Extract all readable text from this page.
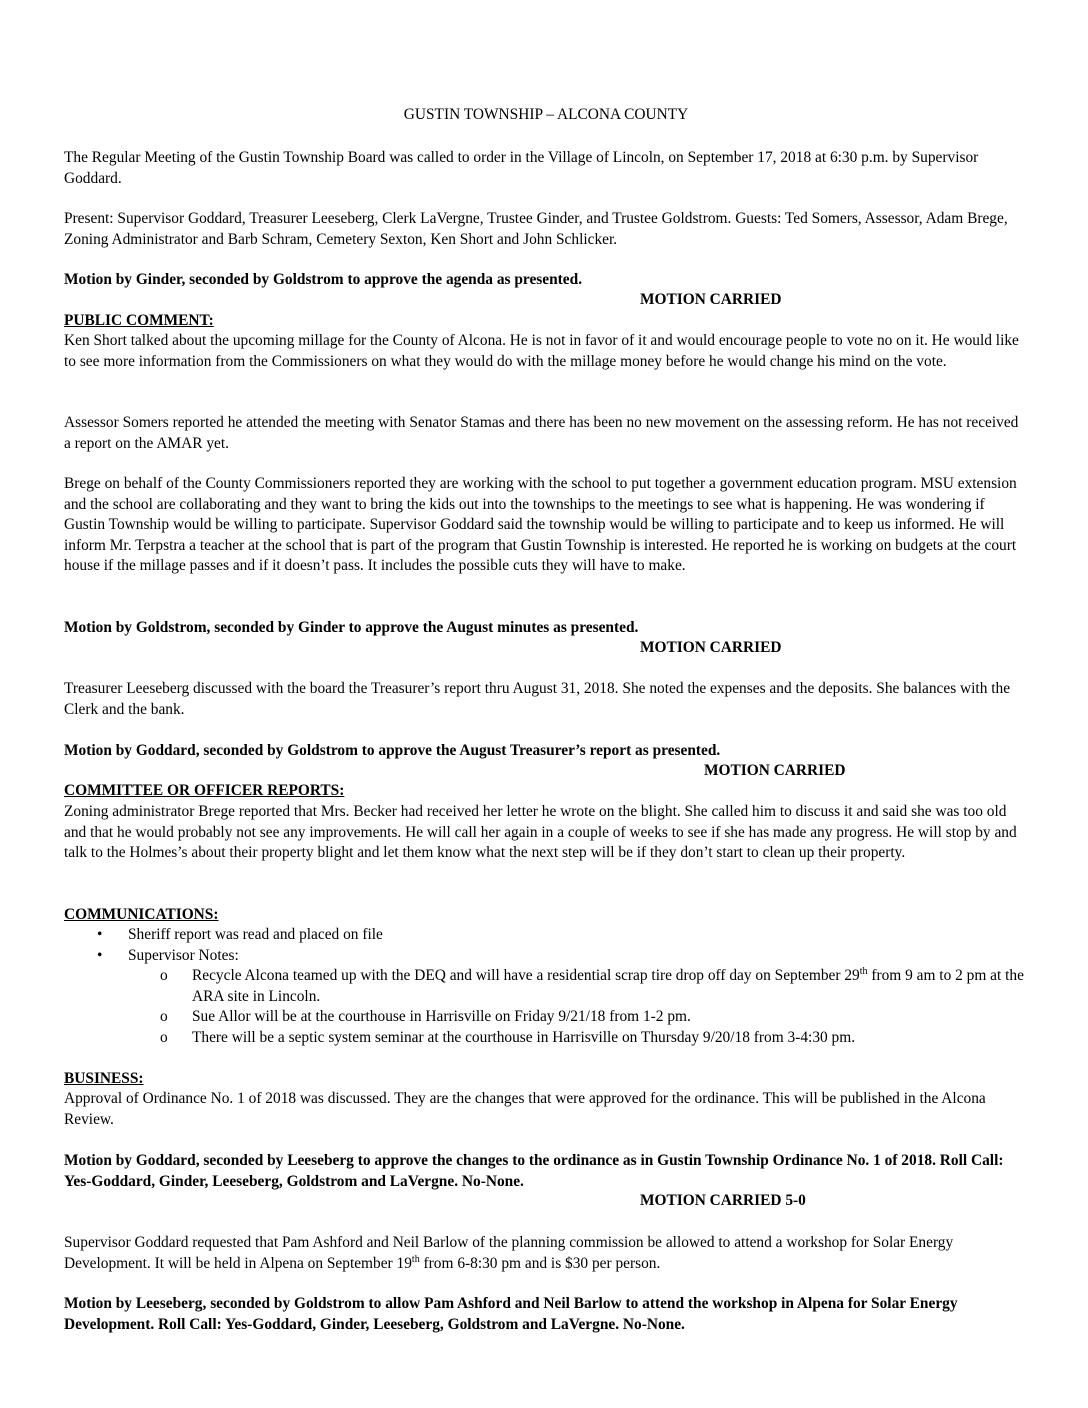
GUSTIN TOWNSHIP – ALCONA COUNTY

The Regular Meeting of the Gustin Township Board was called to order in the Village of Lincoln, on September 17, 2018 at 6:30 p.m. by Supervisor Goddard.

Present: Supervisor Goddard, Treasurer Leeseberg, Clerk LaVergne, Trustee Ginder, and Trustee Goldstrom. Guests: Ted Somers, Assessor, Adam Brege, Zoning Administrator and Barb Schram, Cemetery Sexton, Ken Short and John Schlicker.

Motion by Ginder, seconded by Goldstrom to approve the agenda as presented.

MOTION CARRIED

PUBLIC COMMENT:

Ken Short talked about the upcoming millage for the County of Alcona. He is not in favor of it and would encourage people to vote no on it. He would like to see more information from the Commissioners on what they would do with the millage money before he would change his mind on the vote.

Assessor Somers reported he attended the meeting with Senator Stamas and there has been no new movement on the assessing reform. He has not received a report on the AMAR yet.

Brege on behalf of the County Commissioners reported they are working with the school to put together a government education program. MSU extension and the school are collaborating and they want to bring the kids out into the townships to the meetings to see what is happening. He was wondering if Gustin Township would be willing to participate. Supervisor Goddard said the township would be willing to participate and to keep us informed. He will inform Mr. Terpstra a teacher at the school that is part of the program that Gustin Township is interested. He reported he is working on budgets at the court house if the millage passes and if it doesn’t pass. It includes the possible cuts they will have to make.

Motion by Goldstrom, seconded by Ginder to approve the August minutes as presented.

MOTION CARRIED

Treasurer Leeseberg discussed with the board the Treasurer’s report thru August 31, 2018. She noted the expenses and the deposits. She balances with the Clerk and the bank.

Motion by Goddard, seconded by Goldstrom to approve the August Treasurer’s report as presented.

MOTION CARRIED

COMMITTEE OR OFFICER REPORTS:

Zoning administrator Brege reported that Mrs. Becker had received her letter he wrote on the blight. She called him to discuss it and said she was too old and that he would probably not see any improvements. He will call her again in a couple of weeks to see if she has made any progress. He will stop by and talk to the Holmes’s about their property blight and let them know what the next step will be if they don’t start to clean up their property.

COMMUNICATIONS:

• Sheriff report was read and placed on file
• Supervisor Notes:
o Recycle Alcona teamed up with the DEQ and will have a residential scrap tire drop off day on September 29th from 9 am to 2 pm at the ARA site in Lincoln.
o Sue Allor will be at the courthouse in Harrisville on Friday 9/21/18 from 1-2 pm.
o There will be a septic system seminar at the courthouse in Harrisville on Thursday 9/20/18 from 3-4:30 pm.

BUSINESS:

Approval of Ordinance No. 1 of 2018 was discussed. They are the changes that were approved for the ordinance. This will be published in the Alcona Review.

Motion by Goddard, seconded by Leeseberg to approve the changes to the ordinance as in Gustin Township Ordinance No. 1 of 2018. Roll Call: Yes-Goddard, Ginder, Leeseberg, Goldstrom and LaVergne. No-None.

MOTION CARRIED 5-0

Supervisor Goddard requested that Pam Ashford and Neil Barlow of the planning commission be allowed to attend a workshop for Solar Energy Development. It will be held in Alpena on September 19th from 6-8:30 pm and is $30 per person.

Motion by Leeseberg, seconded by Goldstrom to allow Pam Ashford and Neil Barlow to attend the workshop in Alpena for Solar Energy Development. Roll Call: Yes-Goddard, Ginder, Leeseberg, Goldstrom and LaVergne. No-None.
